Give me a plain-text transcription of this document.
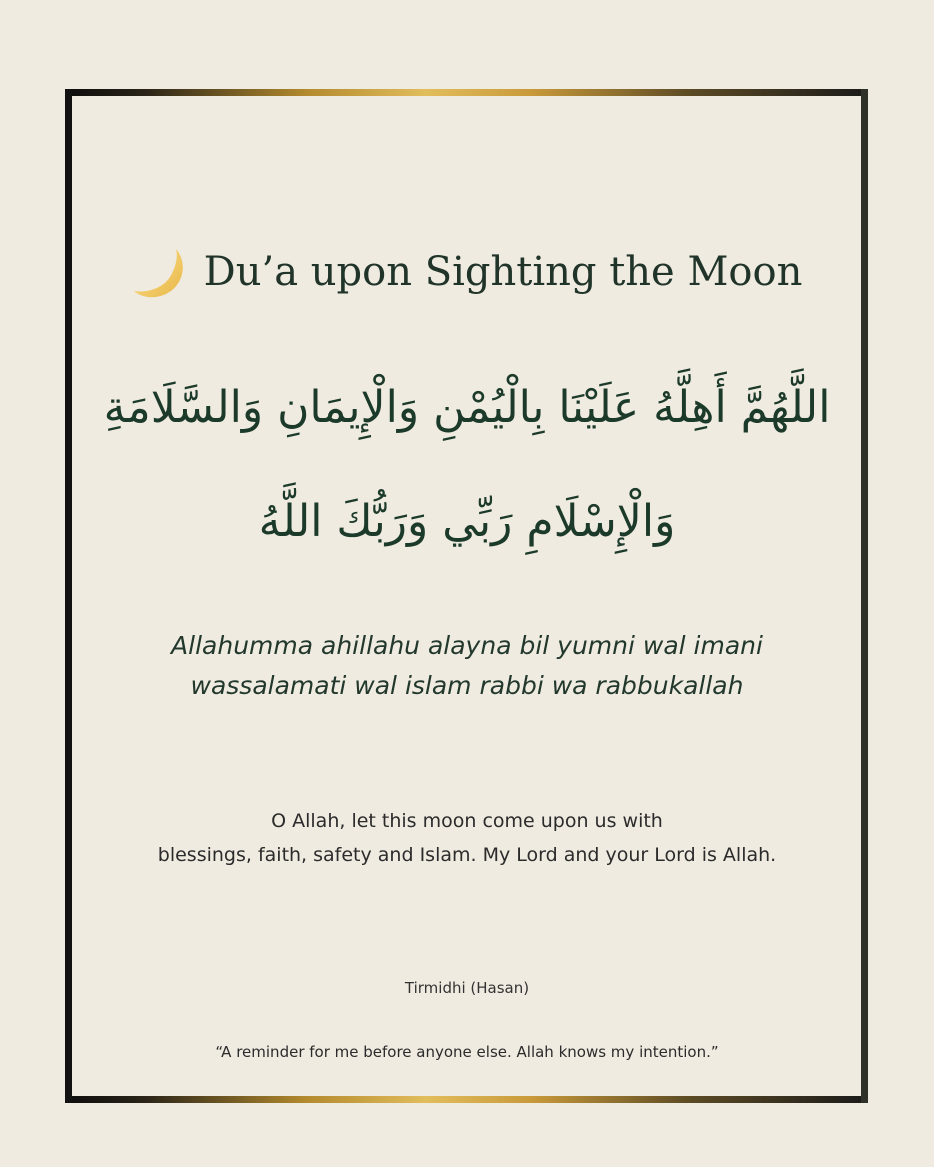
Du’a upon Sighting the Moon
اللَّهُمَّ أَهِلَّهُ عَلَيْنَا بِالْيُمْنِ وَالْإِيمَانِ وَالسَّلَامَةِ
وَالْإِسْلَامِ رَبِّي وَرَبُّكَ اللَّهُ
Allahumma ahillahu alayna bil yumni wal imani
wassalamati wal islam rabbi wa rabbukallah
O Allah, let this moon come upon us with
blessings, faith, safety and Islam. My Lord and your Lord is Allah.
Tirmidhi (Hasan)
“A reminder for me before anyone else. Allah knows my intention.”
